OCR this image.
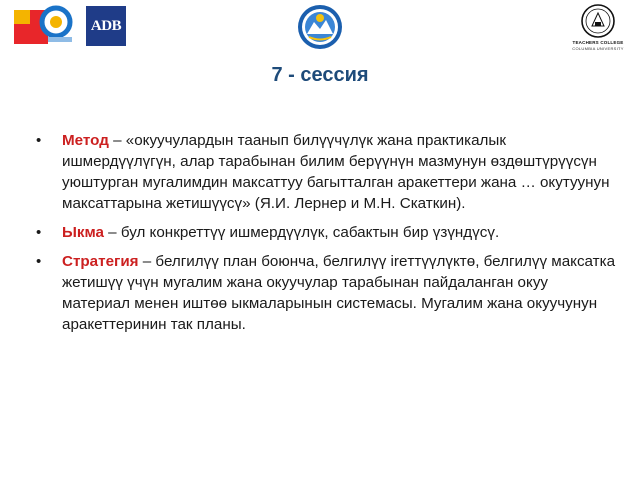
ADB
TEACHERS COLLEGE
COLUMBIA UNIVERSITY
7 - сессия
• Метод – «окуучулардын таанып билүүчүлүк жана практикалык ишмердүүлүгүн, алар тарабынан билим берүүнүн мазмунун өздөштүрүүсүн уюштурган мугалимдин максаттуу багытталган аракеттери жана … окутуунун максаттарына жетишүүсү» (Я.И. Лернер и М.Н. Скаткин).
• Ыкма – бул конкреттүү ишмердүүлүк, сабактын бир үзүндүсү.
• Стратегия – белгилүү план боюнча, белгилүү ireттүүлүктө, белгилүү максатка жетишүү үчүн мугалим жана окуучулар тарабынан пайдаланган окуу материал менен иштөө ыкмаларынын системасы. Мугалим жана окуучунун аракеттеринин так планы.
